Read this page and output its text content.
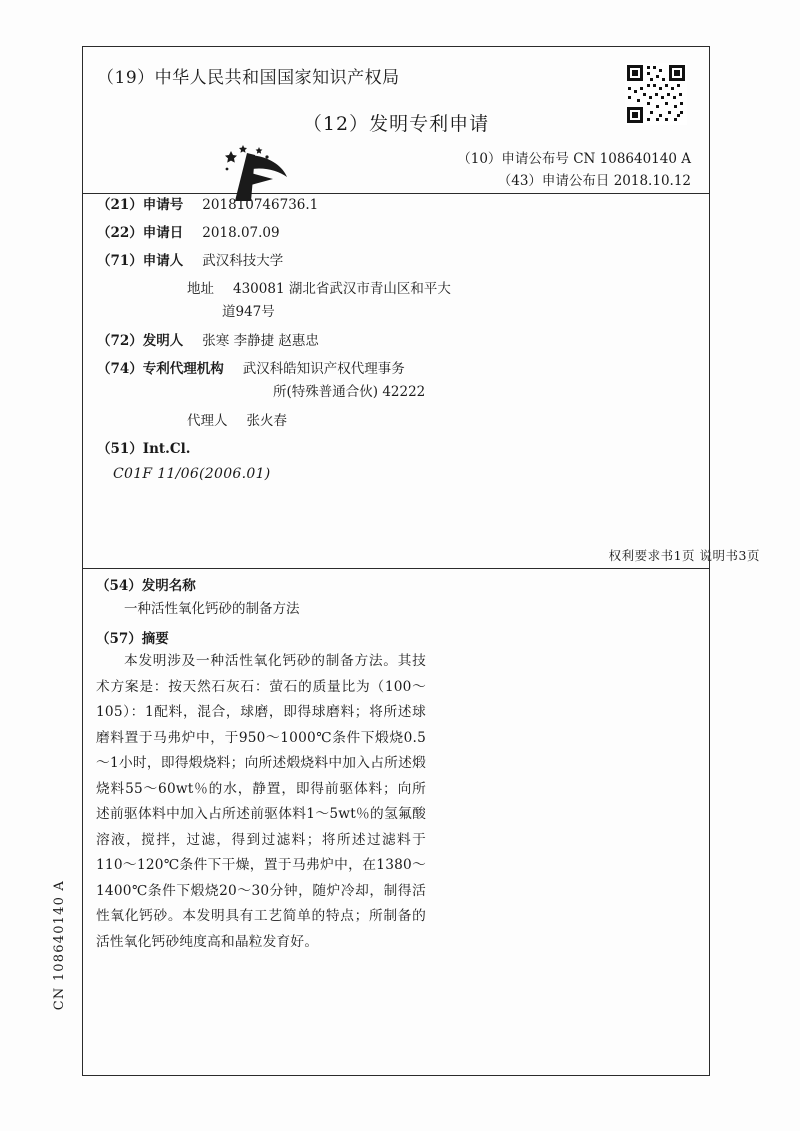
（19）中华人民共和国国家知识产权局
（12）发明专利申请
（10）申请公布号 CN 108640140 A
（43）申请公布日 2018.10.12
（21）申请号 201810746736.1
（22）申请日 2018.07.09
（71）申请人 武汉科技大学
地址 430081 湖北省武汉市青山区和平大
道947号
（72）发明人 张寒 李静捷 赵惠忠
（74）专利代理机构 武汉科皓知识产权代理事务
所(特殊普通合伙) 42222
代理人 张火春
（51）Int.Cl.
C01F 11/06(2006.01)
权利要求书1页 说明书3页
（54）发明名称
一种活性氧化钙砂的制备方法
（57）摘要
本发明涉及一种活性氧化钙砂的制备方法。其技术方案是：按天然石灰石：萤石的质量比为（100～105）：1配料，混合，球磨，即得球磨料；将所述球磨料置于马弗炉中，于950～1000℃条件下煅烧0.5～1小时，即得煅烧料；向所述煅烧料中加入占所述煅烧料55～60wt％的水，静置，即得前驱体料；向所述前驱体料中加入占所述前驱体料1～5wt％的氢氟酸溶液，搅拌，过滤，得到过滤料；将所述过滤料于110～120℃条件下干燥，置于马弗炉中，在1380～1400℃条件下煅烧20～30分钟，随炉冷却，制得活性氧化钙砂。本发明具有工艺简单的特点；所制备的活性氧化钙砂纯度高和晶粒发育好。
CN 108640140 A
